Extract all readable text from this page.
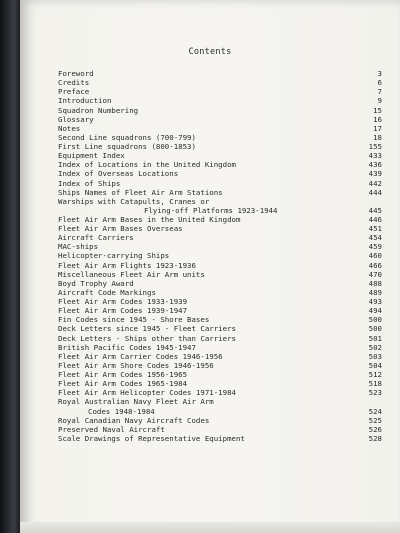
Contents
Foreword	3
Credits	6
Preface	7
Introduction	9
Squadron Numbering	15
Glossary	16
Notes	17
Second Line squadrons (700-799)	18
First Line squadrons (800-1853)	155
Equipment Index	433
Index of Locations in the United Kingdom	436
Index of Overseas Locations	439
Index of Ships	442
Ships Names of Fleet Air Arm Stations	444
Warships with Catapults, Cranes or
Flying-off Platforms 1923-1944	445
Fleet Air Arm Bases in the United Kingdom	446
Fleet Air Arm Bases Overseas	451
Aircraft Carriers	454
MAC-ships	459
Helicopter-carrying Ships	460
Fleet Air Arm Flights 1923-1936	466
Miscellaneous Fleet Air Arm units	470
Boyd Trophy Award	488
Aircraft Code Markings	489
Fleet Air Arm Codes 1933-1939	493
Fleet Air Arm Codes 1939-1947	494
Fin Codes since 1945 - Shore Bases	500
Deck Letters since 1945 - Fleet Carriers	500
Deck Letters - Ships other than Carriers	501
British Pacific Codes 1945-1947	502
Fleet Air Arm Carrier Codes 1946-1956	503
Fleet Air Arm Shore Codes 1946-1956	504
Fleet Air Arm Codes 1956-1965	512
Fleet Air Arm Codes 1965-1984	518
Fleet Air Arm Helicopter Codes 1971-1984	523
Royal Australian Navy Fleet Air Arm
Codes 1948-1984	524
Royal Canadian Navy Aircraft Codes	525
Preserved Naval Aircraft	526
Scale Drawings of Representative Equipment	528
